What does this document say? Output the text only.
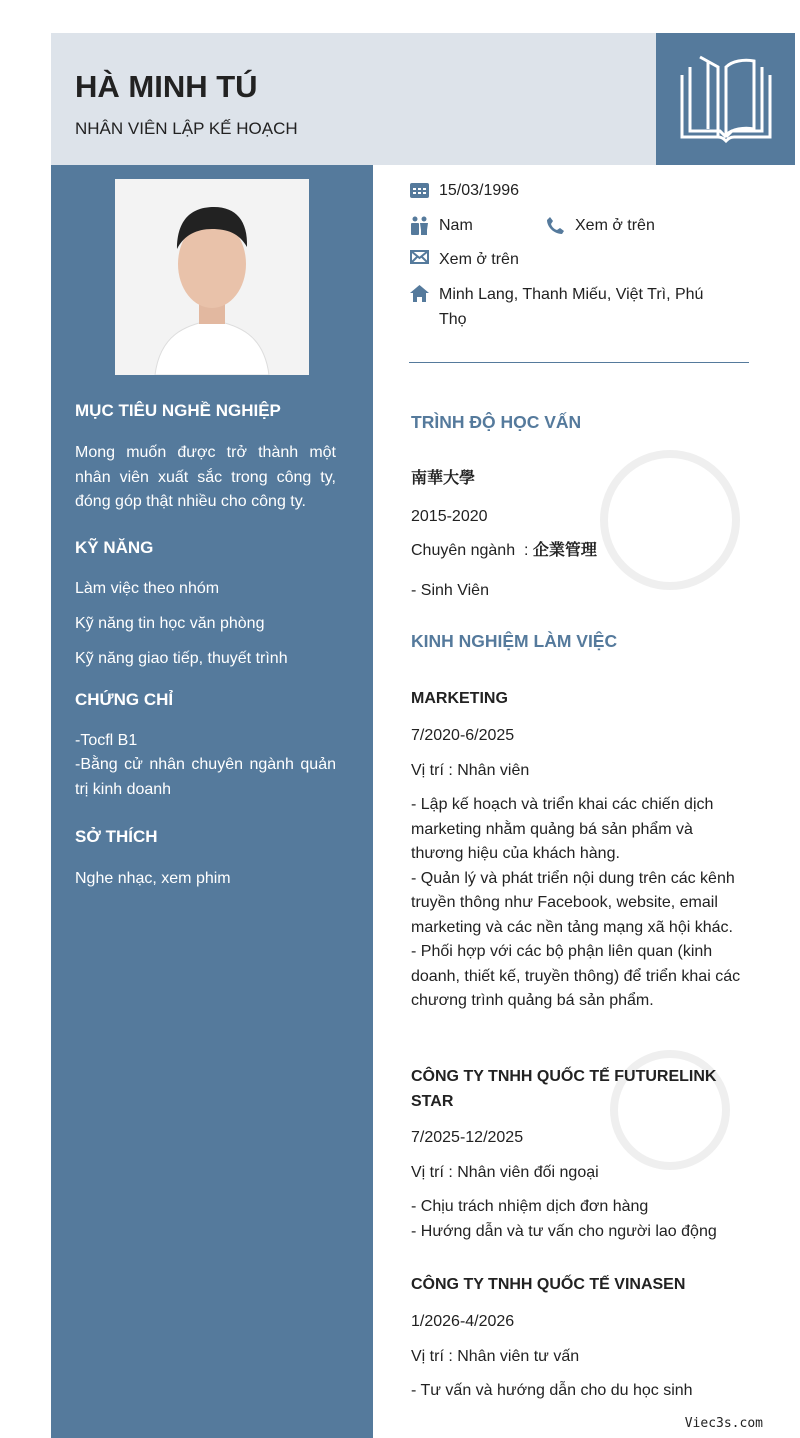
HÀ MINH TÚ
NHÂN VIÊN LẬP KẾ HOẠCH
MỤC TIÊU NGHỀ NGHIỆP

Mong muốn được trở thành một nhân viên xuất sắc trong công ty, đóng góp thật nhiều cho công ty.

KỸ NĂNG

Làm việc theo nhóm

Kỹ năng tin học văn phòng

Kỹ năng giao tiếp, thuyết trình

CHỨNG CHỈ

-Tocfl B1

-Bằng cử nhân chuyên ngành quản trị kinh doanh

SỞ THÍCH

Nghe nhạc, xem phim

15/03/1996
Nam	Xem ở trên
Xem ở trên
Minh Lang, Thanh Miếu, Việt Trì, Phú Thọ
TRÌNH ĐỘ HỌC VẤN
南華大學
2015-2020
Chuyên ngành  : 企業管理
- Sinh Viên
KINH NGHIỆM LÀM VIỆC
MARKETING
7/2020-6/2025
Vị trí : Nhân viên
- Lập kế hoạch và triển khai các chiến dịch marketing nhằm quảng bá sản phẩm và thương hiệu của khách hàng.
- Quản lý và phát triển nội dung trên các kênh truyền thông như Facebook, website, email marketing và các nền tảng mạng xã hội khác.
- Phối hợp với các bộ phận liên quan (kinh doanh, thiết kế, truyền thông) để triển khai các chương trình quảng bá sản phẩm.
CÔNG TY TNHH QUỐC TẾ FUTURELINK STAR
7/2025-12/2025
Vị trí : Nhân viên đối ngoại
- Chịu trách nhiệm dịch đơn hàng
- Hướng dẫn và tư vấn cho người lao động
CÔNG TY TNHH QUỐC TẾ VINASEN
1/2026-4/2026
Vị trí : Nhân viên tư vấn
- Tư vấn và hướng dẫn cho du học sinh
Viec3s.com
